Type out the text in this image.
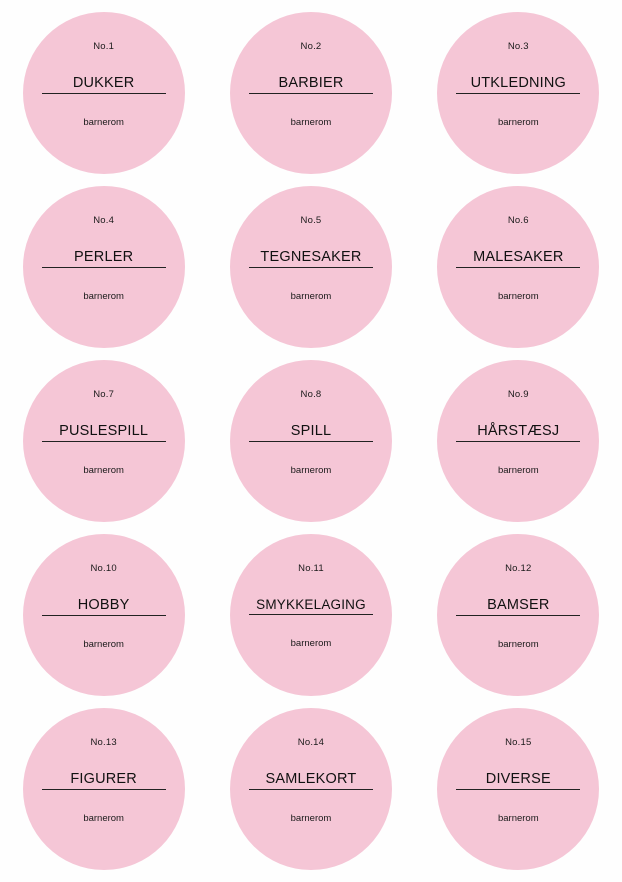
No.1
DUKKER
barnerom
No.2
BARBIER
barnerom
No.3
UTKLEDNING
barnerom
No.4
PERLER
barnerom
No.5
TEGNESAKER
barnerom
No.6
MALESAKER
barnerom
No.7
PUSLESPILL
barnerom
No.8
SPILL
barnerom
No.9
HÅRSTÆSJ
barnerom
No.10
HOBBY
barnerom
No.11
SMYKKELAGING
barnerom
No.12
BAMSER
barnerom
No.13
FIGURER
barnerom
No.14
SAMLEKORT
barnerom
No.15
DIVERSE
barnerom
